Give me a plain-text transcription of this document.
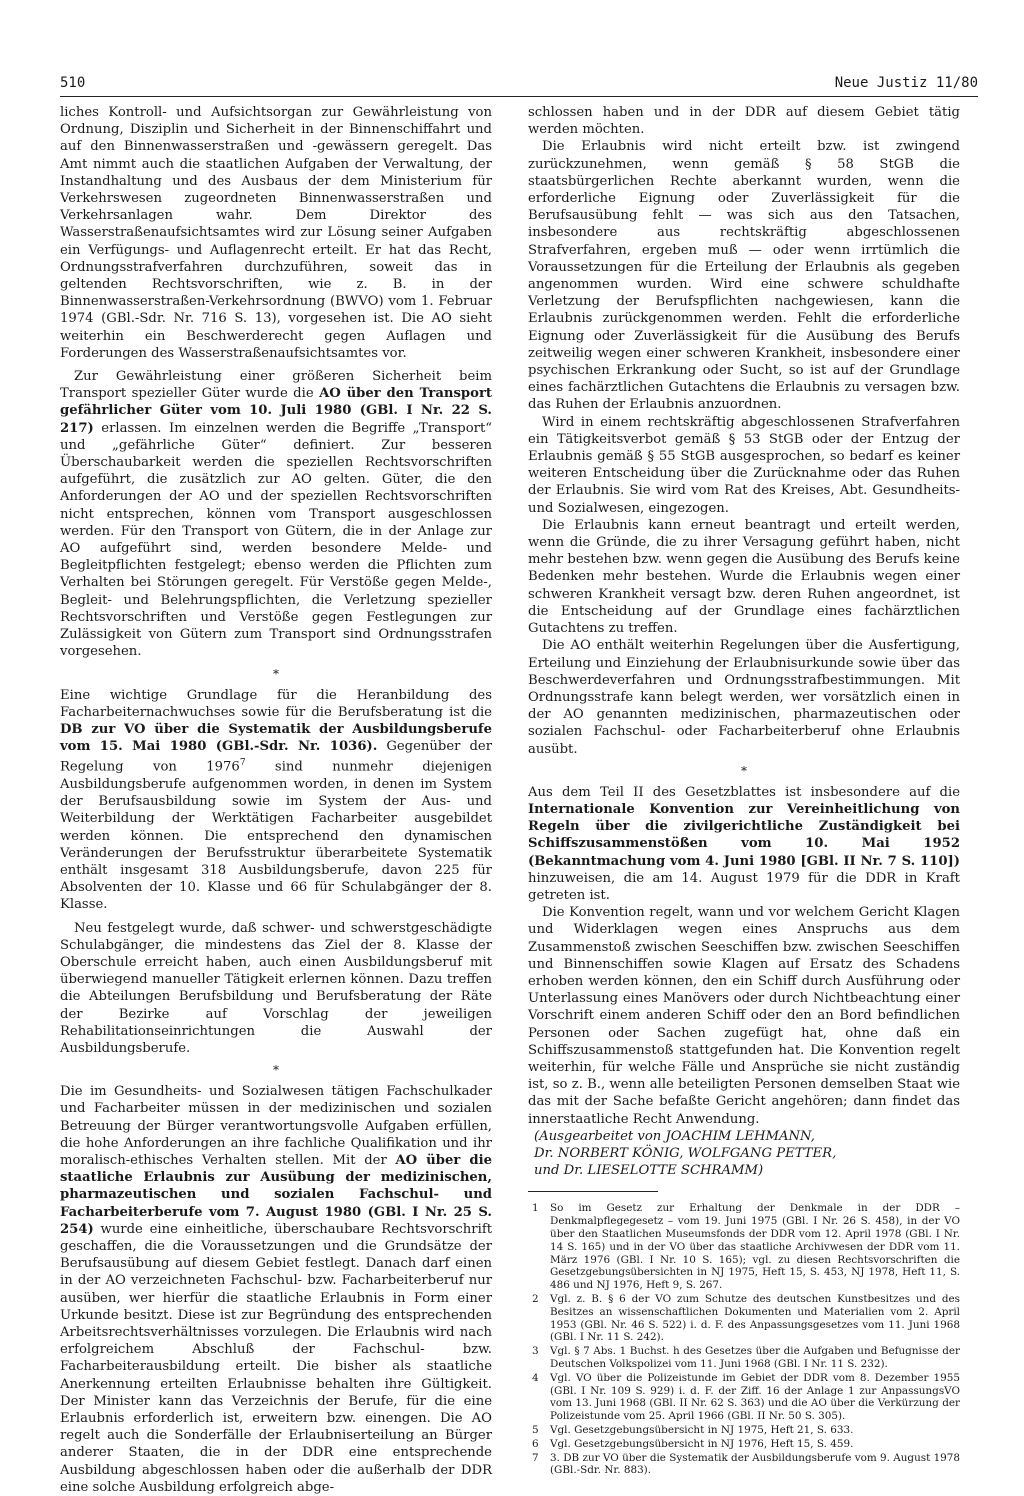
510	Neue Justiz 11/80

liches Kontroll- und Aufsichtsorgan zur Gewährleistung von Ordnung, Disziplin und Sicherheit in der Binnenschiffahrt und auf den Binnenwasserstraßen und -gewässern geregelt. Das Amt nimmt auch die staatlichen Aufgaben der Verwaltung, der Instandhaltung und des Ausbaus der dem Ministerium für Verkehrswesen zugeordneten Binnenwasserstraßen und Verkehrsanlagen wahr. Dem Direktor des Wasserstraßenaufsichtsamtes wird zur Lösung seiner Aufgaben ein Verfügungs- und Auflagenrecht erteilt. Er hat das Recht, Ordnungsstrafverfahren durchzuführen, soweit das in geltenden Rechtsvorschriften, wie z. B. in der Binnenwasserstraßen-Verkehrsordnung (BWVO) vom 1. Februar 1974 (GBl.-Sdr. Nr. 716 S. 13), vorgesehen ist. Die AO sieht weiterhin ein Beschwerderecht gegen Auflagen und Forderungen des Wasserstraßenaufsichtsamtes vor.

Zur Gewährleistung einer größeren Sicherheit beim Transport spezieller Güter wurde die AO über den Transport gefährlicher Güter vom 10. Juli 1980 (GBl. I Nr. 22 S. 217) erlassen. Im einzelnen werden die Begriffe „Transport“ und „gefährliche Güter“ definiert. Zur besseren Überschaubarkeit werden die speziellen Rechtsvorschriften aufgeführt, die zusätzlich zur AO gelten. Güter, die den Anforderungen der AO und der speziellen Rechtsvorschriften nicht entsprechen, können vom Transport ausgeschlossen werden. Für den Transport von Gütern, die in der Anlage zur AO aufgeführt sind, werden besondere Melde- und Begleitpflichten festgelegt; ebenso werden die Pflichten zum Verhalten bei Störungen geregelt. Für Verstöße gegen Melde-, Begleit- und Belehrungspflichten, die Verletzung spezieller Rechtsvorschriften und Verstöße gegen Festlegungen zur Zulässigkeit von Gütern zum Transport sind Ordnungsstrafen vorgesehen.

*

Eine wichtige Grundlage für die Heranbildung des Facharbeiternachwuchses sowie für die Berufsberatung ist die DB zur VO über die Systematik der Ausbildungsberufe vom 15. Mai 1980 (GBl.-Sdr. Nr. 1036). Gegenüber der Regelung von 1976$^7$ sind nunmehr diejenigen Ausbildungsberufe aufgenommen worden, in denen im System der Berufsausbildung sowie im System der Aus- und Weiterbildung der Werktätigen Facharbeiter ausgebildet werden können. Die entsprechend den dynamischen Veränderungen der Berufsstruktur überarbeitete Systematik enthält insgesamt 318 Ausbildungsberufe, davon 225 für Absolventen der 10. Klasse und 66 für Schulabgänger der 8. Klasse.

Neu festgelegt wurde, daß schwer- und schwerstgeschädigte Schulabgänger, die mindestens das Ziel der 8. Klasse der Oberschule erreicht haben, auch einen Ausbildungsberuf mit überwiegend manueller Tätigkeit erlernen können. Dazu treffen die Abteilungen Berufsbildung und Berufsberatung der Räte der Bezirke auf Vorschlag der jeweiligen Rehabilitationseinrichtungen die Auswahl der Ausbildungsberufe.

*

Die im Gesundheits- und Sozialwesen tätigen Fachschulkader und Facharbeiter müssen in der medizinischen und sozialen Betreuung der Bürger verantwortungsvolle Aufgaben erfüllen, die hohe Anforderungen an ihre fachliche Qualifikation und ihr moralisch-ethisches Verhalten stellen. Mit der AO über die staatliche Erlaubnis zur Ausübung der medizinischen, pharmazeutischen und sozialen Fachschul- und Facharbeiterberufe vom 7. August 1980 (GBl. I Nr. 25 S. 254) wurde eine einheitliche, überschaubare Rechtsvorschrift geschaffen, die die Voraussetzungen und die Grundsätze der Berufsausübung auf diesem Gebiet festlegt. Danach darf einen in der AO verzeichneten Fachschul- bzw. Facharbeiterberuf nur ausüben, wer hierfür die staatliche Erlaubnis in Form einer Urkunde besitzt. Diese ist zur Begründung des entsprechenden Arbeitsrechtsverhältnisses vorzulegen. Die Erlaubnis wird nach erfolgreichem Abschluß der Fachschul- bzw. Facharbeiterausbildung erteilt. Die bisher als staatliche Anerkennung erteilten Erlaubnisse behalten ihre Gültigkeit. Der Minister kann das Verzeichnis der Berufe, für die eine Erlaubnis erforderlich ist, erweitern bzw. einengen. Die AO regelt auch die Sonderfälle der Erlaubniserteilung an Bürger anderer Staaten, die in der DDR eine entsprechende Ausbildung abgeschlossen haben oder die außerhalb der DDR eine solche Ausbildung erfolgreich abge-

schlossen haben und in der DDR auf diesem Gebiet tätig werden möchten.

Die Erlaubnis wird nicht erteilt bzw. ist zwingend zurückzunehmen, wenn gemäß § 58 StGB die staatsbürgerlichen Rechte aberkannt wurden, wenn die erforderliche Eignung oder Zuverlässigkeit für die Berufsausübung fehlt — was sich aus den Tatsachen, insbesondere aus rechtskräftig abgeschlossenen Strafverfahren, ergeben muß — oder wenn irrtümlich die Voraussetzungen für die Erteilung der Erlaubnis als gegeben angenommen wurden. Wird eine schwere schuldhafte Verletzung der Berufspflichten nachgewiesen, kann die Erlaubnis zurückgenommen werden. Fehlt die erforderliche Eignung oder Zuverlässigkeit für die Ausübung des Berufs zeitweilig wegen einer schweren Krankheit, insbesondere einer psychischen Erkrankung oder Sucht, so ist auf der Grundlage eines fachärztlichen Gutachtens die Erlaubnis zu versagen bzw. das Ruhen der Erlaubnis anzuordnen.

Wird in einem rechtskräftig abgeschlossenen Strafverfahren ein Tätigkeitsverbot gemäß § 53 StGB oder der Entzug der Erlaubnis gemäß § 55 StGB ausgesprochen, so bedarf es keiner weiteren Entscheidung über die Zurücknahme oder das Ruhen der Erlaubnis. Sie wird vom Rat des Kreises, Abt. Gesundheits- und Sozialwesen, eingezogen.

Die Erlaubnis kann erneut beantragt und erteilt werden, wenn die Gründe, die zu ihrer Versagung geführt haben, nicht mehr bestehen bzw. wenn gegen die Ausübung des Berufs keine Bedenken mehr bestehen. Wurde die Erlaubnis wegen einer schweren Krankheit versagt bzw. deren Ruhen angeordnet, ist die Entscheidung auf der Grundlage eines fachärztlichen Gutachtens zu treffen.

Die AO enthält weiterhin Regelungen über die Ausfertigung, Erteilung und Einziehung der Erlaubnisurkunde sowie über das Beschwerdeverfahren und Ordnungsstrafbestimmungen. Mit Ordnungsstrafe kann belegt werden, wer vorsätzlich einen in der AO genannten medizinischen, pharmazeutischen oder sozialen Fachschul- oder Facharbeiterberuf ohne Erlaubnis ausübt.

*

Aus dem Teil II des Gesetzblattes ist insbesondere auf die Internationale Konvention zur Vereinheitlichung von Regeln über die zivilgerichtliche Zuständigkeit bei Schiffszusammenstößen vom 10. Mai 1952 (Bekanntmachung vom 4. Juni 1980 [GBl. II Nr. 7 S. 110]) hinzuweisen, die am 14. August 1979 für die DDR in Kraft getreten ist.

Die Konvention regelt, wann und vor welchem Gericht Klagen und Widerklagen wegen eines Anspruchs aus dem Zusammenstoß zwischen Seeschiffen bzw. zwischen Seeschiffen und Binnenschiffen sowie Klagen auf Ersatz des Schadens erhoben werden können, den ein Schiff durch Ausführung oder Unterlassung eines Manövers oder durch Nichtbeachtung einer Vorschrift einem anderen Schiff oder den an Bord befindlichen Personen oder Sachen zugefügt hat, ohne daß ein Schiffszusammenstoß stattgefunden hat. Die Konvention regelt weiterhin, für welche Fälle und Ansprüche sie nicht zuständig ist, so z. B., wenn alle beteiligten Personen demselben Staat wie das mit der Sache befaßte Gericht angehören; dann findet das innerstaatliche Recht Anwendung.

(Ausgearbeitet von JOACHIM LEHMANN,

Dr. NORBERT KÖNIG, WOLFGANG PETTER,

und Dr. LIESELOTTE SCHRAMM)

1 So im Gesetz zur Erhaltung der Denkmale in der DDR – Denkmalpflegegesetz – vom 19. Juni 1975 (GBl. I Nr. 26 S. 458), in der VO über den Staatlichen Museumsfonds der DDR vom 12. April 1978 (GBl. I Nr. 14 S. 165) und in der VO über das staatliche Archivwesen der DDR vom 11. März 1976 (GBl. I Nr. 10 S. 165); vgl. zu diesen Rechtsvorschriften die Gesetzgebungsübersichten in NJ 1975, Heft 15, S. 453, NJ 1978, Heft 11, S. 486 und NJ 1976, Heft 9, S. 267.
2 Vgl. z. B. § 6 der VO zum Schutze des deutschen Kunstbesitzes und des Besitzes an wissenschaftlichen Dokumenten und Materialien vom 2. April 1953 (GBl. Nr. 46 S. 522) i. d. F. des Anpassungsgesetzes vom 11. Juni 1968 (GBl. I Nr. 11 S. 242).
3 Vgl. § 7 Abs. 1 Buchst. h des Gesetzes über die Aufgaben und Befugnisse der Deutschen Volkspolizei vom 11. Juni 1968 (GBl. I Nr. 11 S. 232).
4 Vgl. VO über die Polizeistunde im Gebiet der DDR vom 8. Dezember 1955 (GBl. I Nr. 109 S. 929) i. d. F. der Ziff. 16 der Anlage 1 zur AnpassungsVO vom 13. Juni 1968 (GBl. II Nr. 62 S. 363) und die AO über die Verkürzung der Polizeistunde vom 25. April 1966 (GBl. II Nr. 50 S. 305).
5 Vgl. Gesetzgebungsübersicht in NJ 1975, Heft 21, S. 633.
6 Vgl. Gesetzgebungsübersicht in NJ 1976, Heft 15, S. 459.
7 3. DB zur VO über die Systematik der Ausbildungsberufe vom 9. August 1978 (GBl.-Sdr. Nr. 883).
